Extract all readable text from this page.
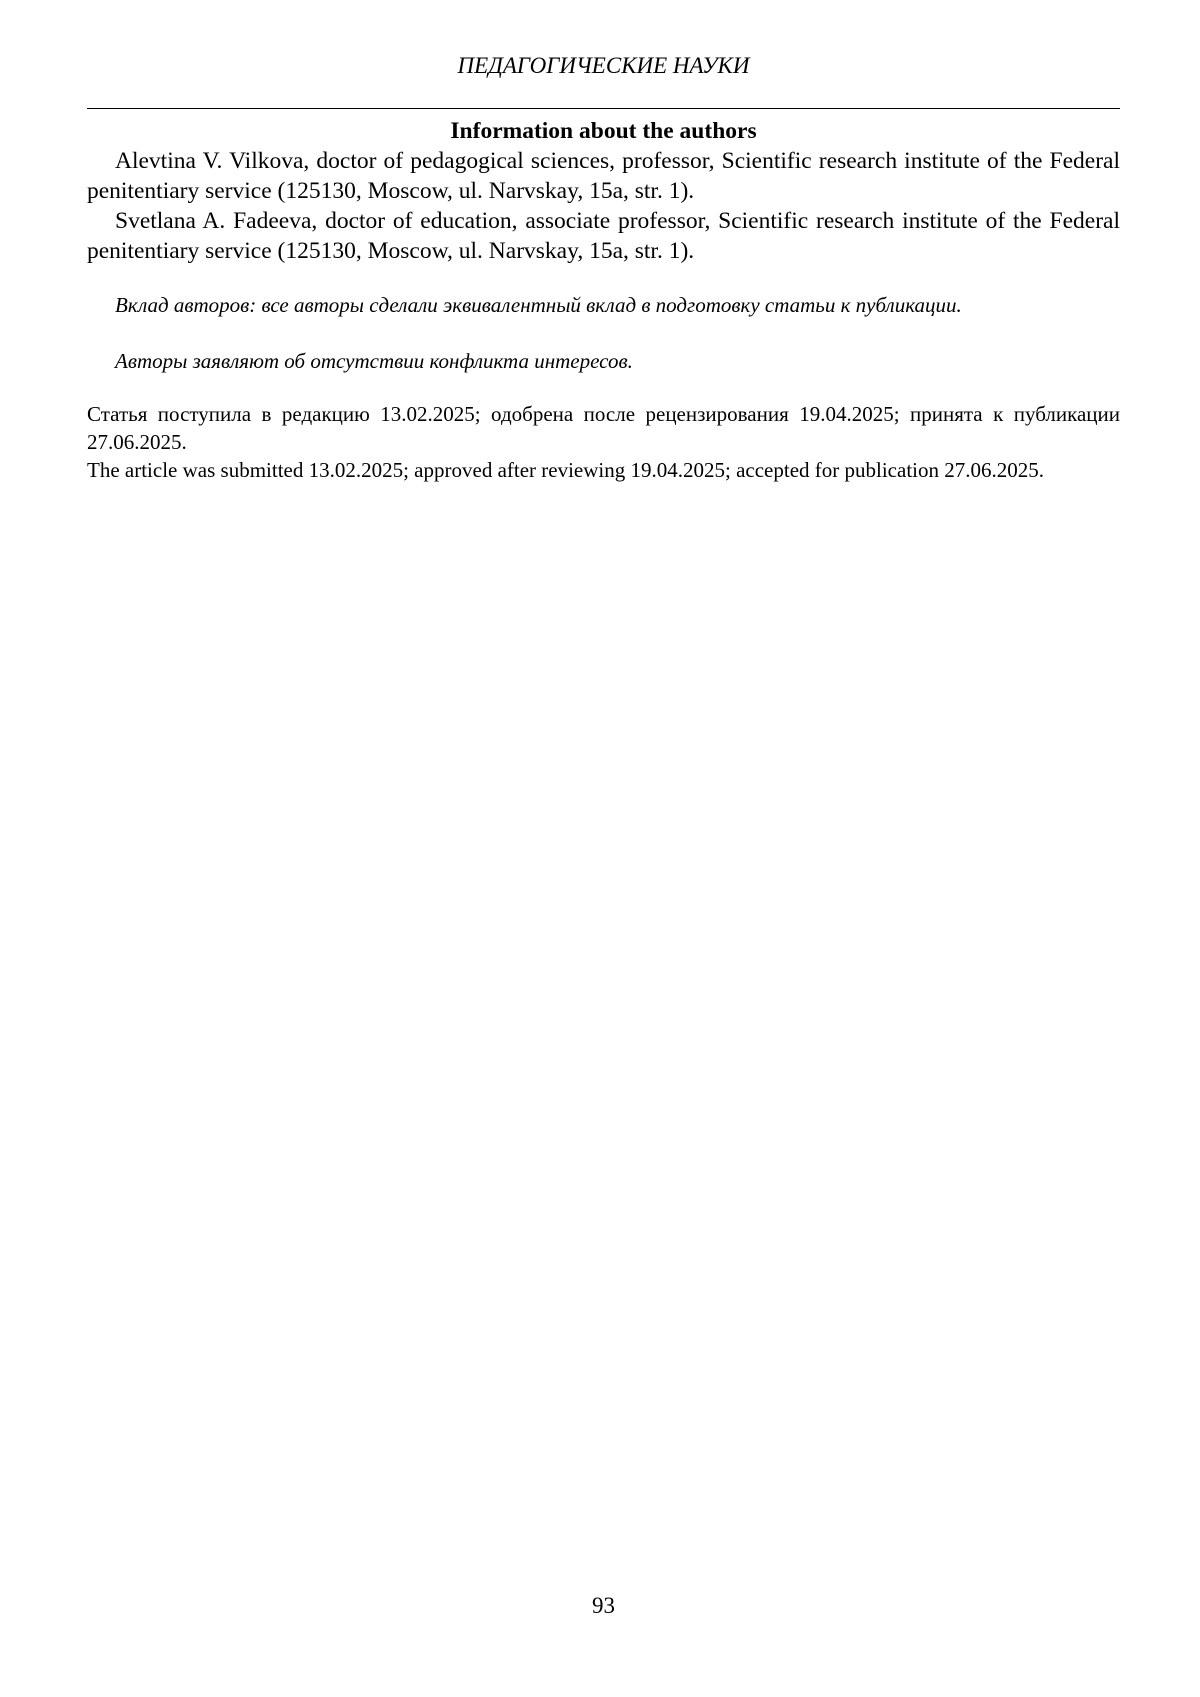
ПЕДАГОГИЧЕСКИЕ НАУКИ
Information about the authors

Alevtina V. Vilkova, doctor of pedagogical sciences, professor, Scientific research institute of the Federal penitentiary service (125130, Moscow, ul. Narvskay, 15a, str. 1).

Svetlana A. Fadeeva, doctor of education, associate professor, Scientific research institute of the Federal penitentiary service (125130, Moscow, ul. Narvskay, 15a, str. 1).

Вклад авторов: все авторы сделали эквивалентный вклад в подготовку статьи к публикации.

Авторы заявляют об отсутствии конфликта интересов.

Статья поступила в редакцию 13.02.2025; одобрена после рецензирования 19.04.2025; принята к публикации 27.06.2025.

The article was submitted 13.02.2025; approved after reviewing 19.04.2025; accepted for publication 27.06.2025.

93
